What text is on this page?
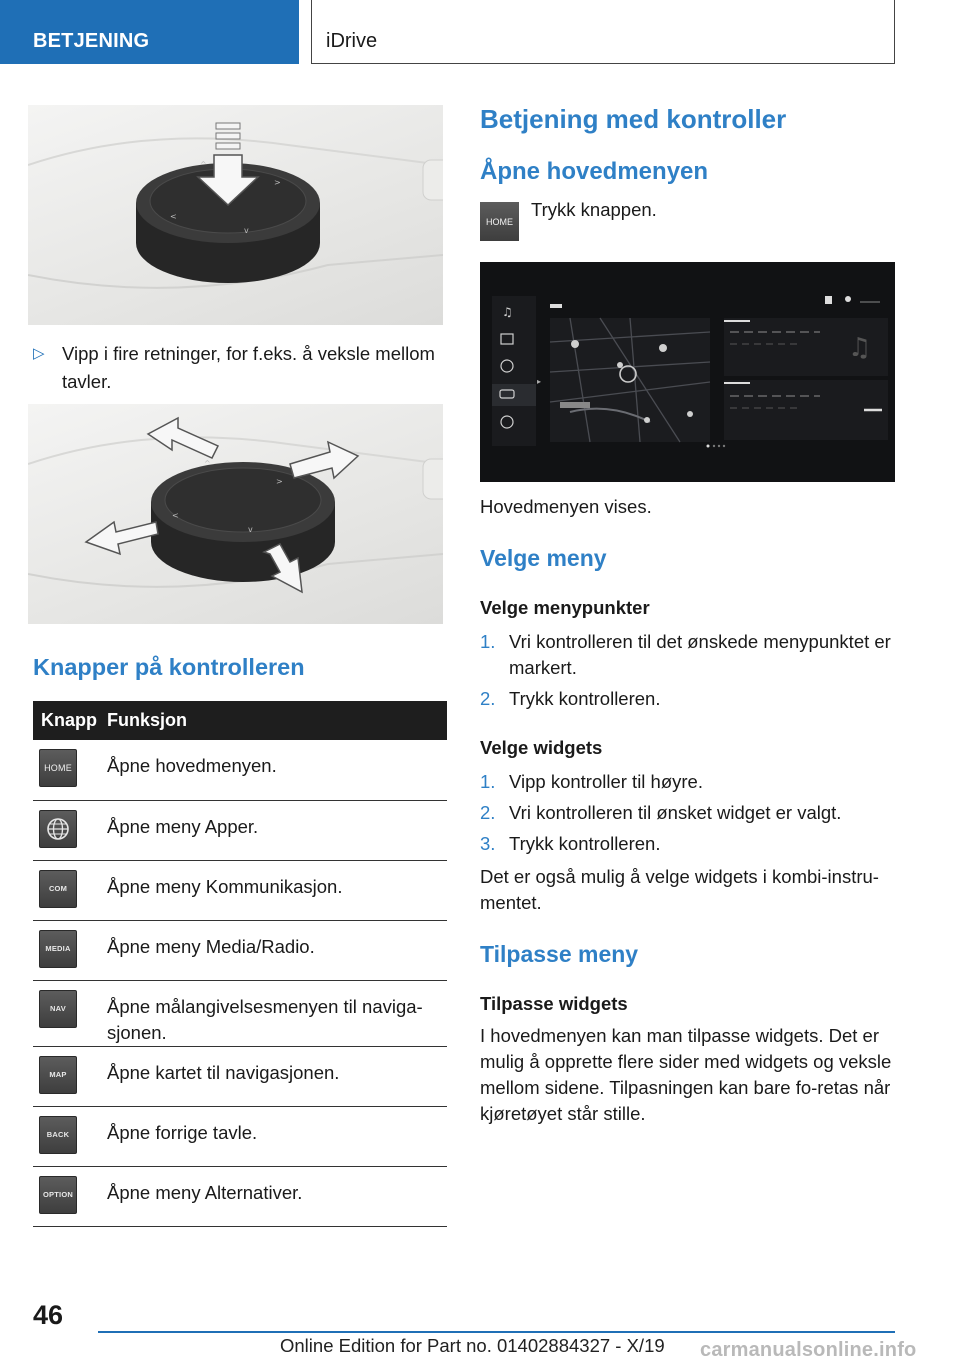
BETJENING	iDrive
^
>
<
v
▷ Vipp i fire retninger, for f.eks. å veksle mellom tavler.
^
>
<
v
Knapper på kontrolleren
Knapp	Funksjon

HOME	Åpne hovedmenyen.

	Åpne meny Apper.

COM	Åpne meny Kommunikasjon.

MEDIA	Åpne meny Media/Radio.

NAV	Åpne målangivelsesmenyen til naviga-sjonen.

MAP	Åpne kartet til navigasjonen.

BACK	Åpne forrige tavle.

OPTION	Åpne meny Alternativer.
Betjening med kontroller
Åpne hovedmenyen
HOME
Trykk knappen.
♫
▸
♫
Hovedmenyen vises.
Velge meny
Velge menypunkter
1. Vri kontrolleren til det ønskede menypunktet er markert.
2. Trykk kontrolleren.
Velge widgets
1. Vipp kontroller til høyre.
2. Vri kontrolleren til ønsket widget er valgt.
3. Trykk kontrolleren.
Det er også mulig å velge widgets i kombi-instru-mentet.
Tilpasse meny
Tilpasse widgets
I hovedmenyen kan man tilpasse widgets. Det er mulig å opprette flere sider med widgets og veksle mellom sidene. Tilpasningen kan bare fo-retas når kjøretøyet står stille.
46
Online Edition for Part no. 01402884327 - X/19 carmanualsonline.info
